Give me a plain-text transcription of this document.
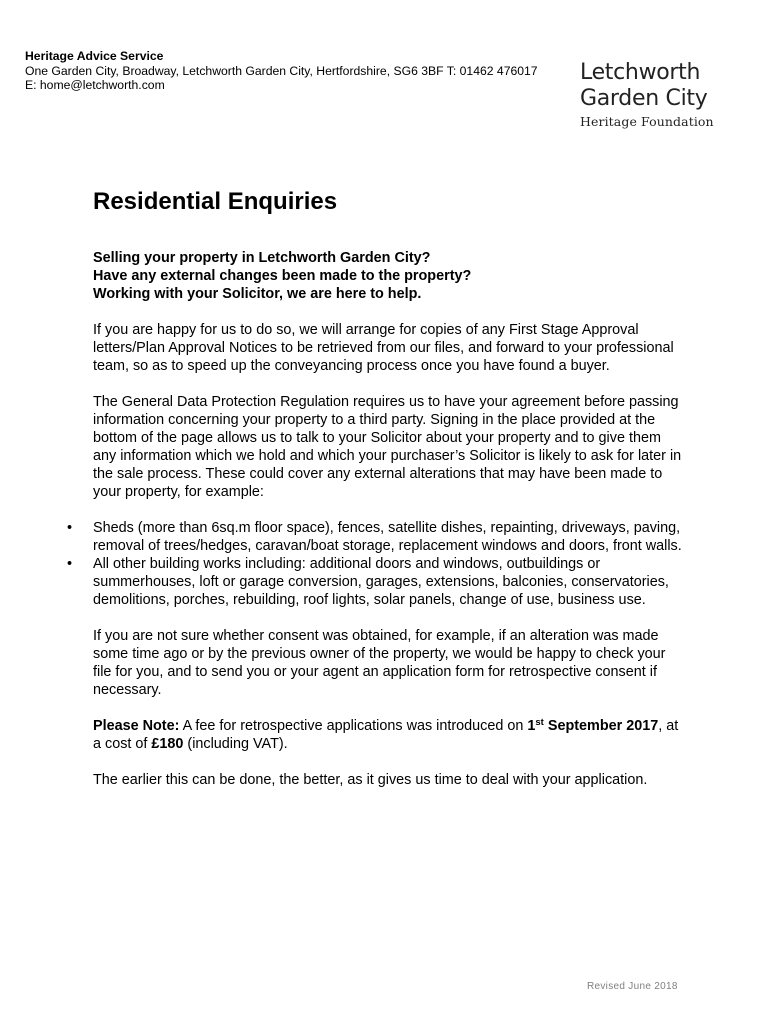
Heritage Advice Service
One Garden City, Broadway, Letchworth Garden City, Hertfordshire, SG6 3BF T: 01462 476017 E: home@letchworth.com	Letchworth
Garden City
Heritage Foundation
Residential Enquiries
Selling your property in Letchworth Garden City?
Have any external changes been made to the property?
Working with your Solicitor, we are here to help.

If you are happy for us to do so, we will arrange for copies of any First Stage Approval letters/Plan Approval Notices to be retrieved from our files, and forward to your professional team, so as to speed up the conveyancing process once you have found a buyer.

The General Data Protection Regulation requires us to have your agreement before passing information concerning your property to a third party. Signing in the place provided at the bottom of the page allows us to talk to your Solicitor about your property and to give them any information which we hold and which your purchaser’s Solicitor is likely to ask for later in the sale process. These could cover any external alterations that may have been made to your property, for example:

• Sheds (more than 6sq.m floor space), fences, satellite dishes, repainting, driveways, paving, removal of trees/hedges, caravan/boat storage, replacement windows and doors, front walls.
• All other building works including: additional doors and windows, outbuildings or summerhouses, loft or garage conversion, garages, extensions, balconies, conservatories, demolitions, porches, rebuilding, roof lights, solar panels, change of use, business use.

If you are not sure whether consent was obtained, for example, if an alteration was made some time ago or by the previous owner of the property, we would be happy to check your file for you, and to send you or your agent an application form for retrospective consent if necessary.

Please Note: A fee for retrospective applications was introduced on 1st September 2017, at a cost of £180 (including VAT).

The earlier this can be done, the better, as it gives us time to deal with your application.

Revised June 2018
